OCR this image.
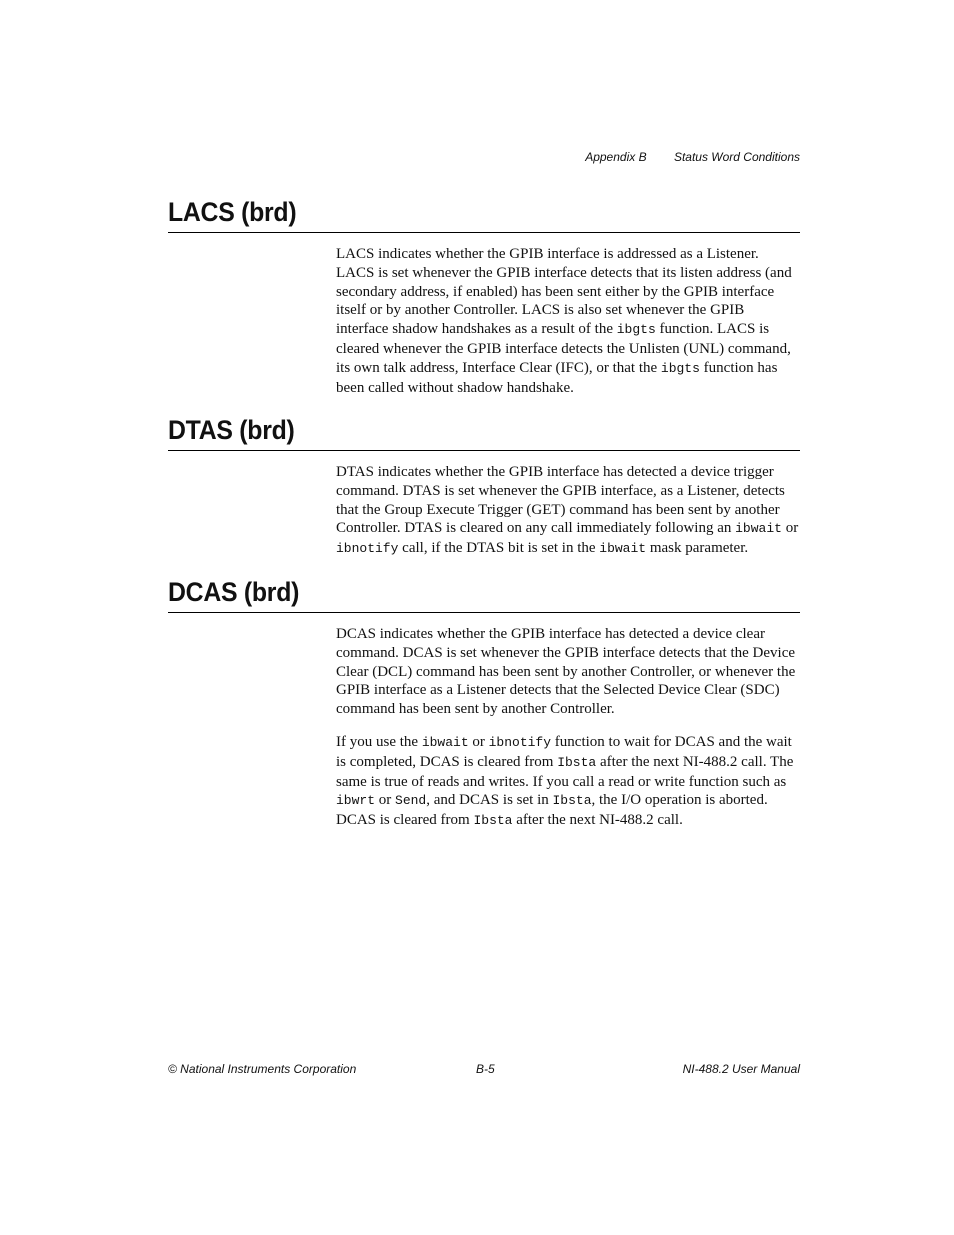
Appendix B Status Word Conditions
LACS (brd)

LACS indicates whether the GPIB interface is addressed as a Listener. LACS is set whenever the GPIB interface detects that its listen address (and secondary address, if enabled) has been sent either by the GPIB interface itself or by another Controller. LACS is also set whenever the GPIB interface shadow handshakes as a result of the ibgts function. LACS is cleared whenever the GPIB interface detects the Unlisten (UNL) command, its own talk address, Interface Clear (IFC), or that the ibgts function has been called without shadow handshake.

DTAS (brd)

DTAS indicates whether the GPIB interface has detected a device trigger command. DTAS is set whenever the GPIB interface, as a Listener, detects that the Group Execute Trigger (GET) command has been sent by another Controller. DTAS is cleared on any call immediately following an ibwait or ibnotify call, if the DTAS bit is set in the ibwait mask parameter.

DCAS (brd)

DCAS indicates whether the GPIB interface has detected a device clear command. DCAS is set whenever the GPIB interface detects that the Device Clear (DCL) command has been sent by another Controller, or whenever the GPIB interface as a Listener detects that the Selected Device Clear (SDC) command has been sent by another Controller.

If you use the ibwait or ibnotify function to wait for DCAS and the wait is completed, DCAS is cleared from Ibsta after the next NI-488.2 call. The same is true of reads and writes. If you call a read or write function such as ibwrt or Send, and DCAS is set in Ibsta, the I/O operation is aborted. DCAS is cleared from Ibsta after the next NI-488.2 call.

© National Instruments Corporation	B-5	NI-488.2 User Manual
